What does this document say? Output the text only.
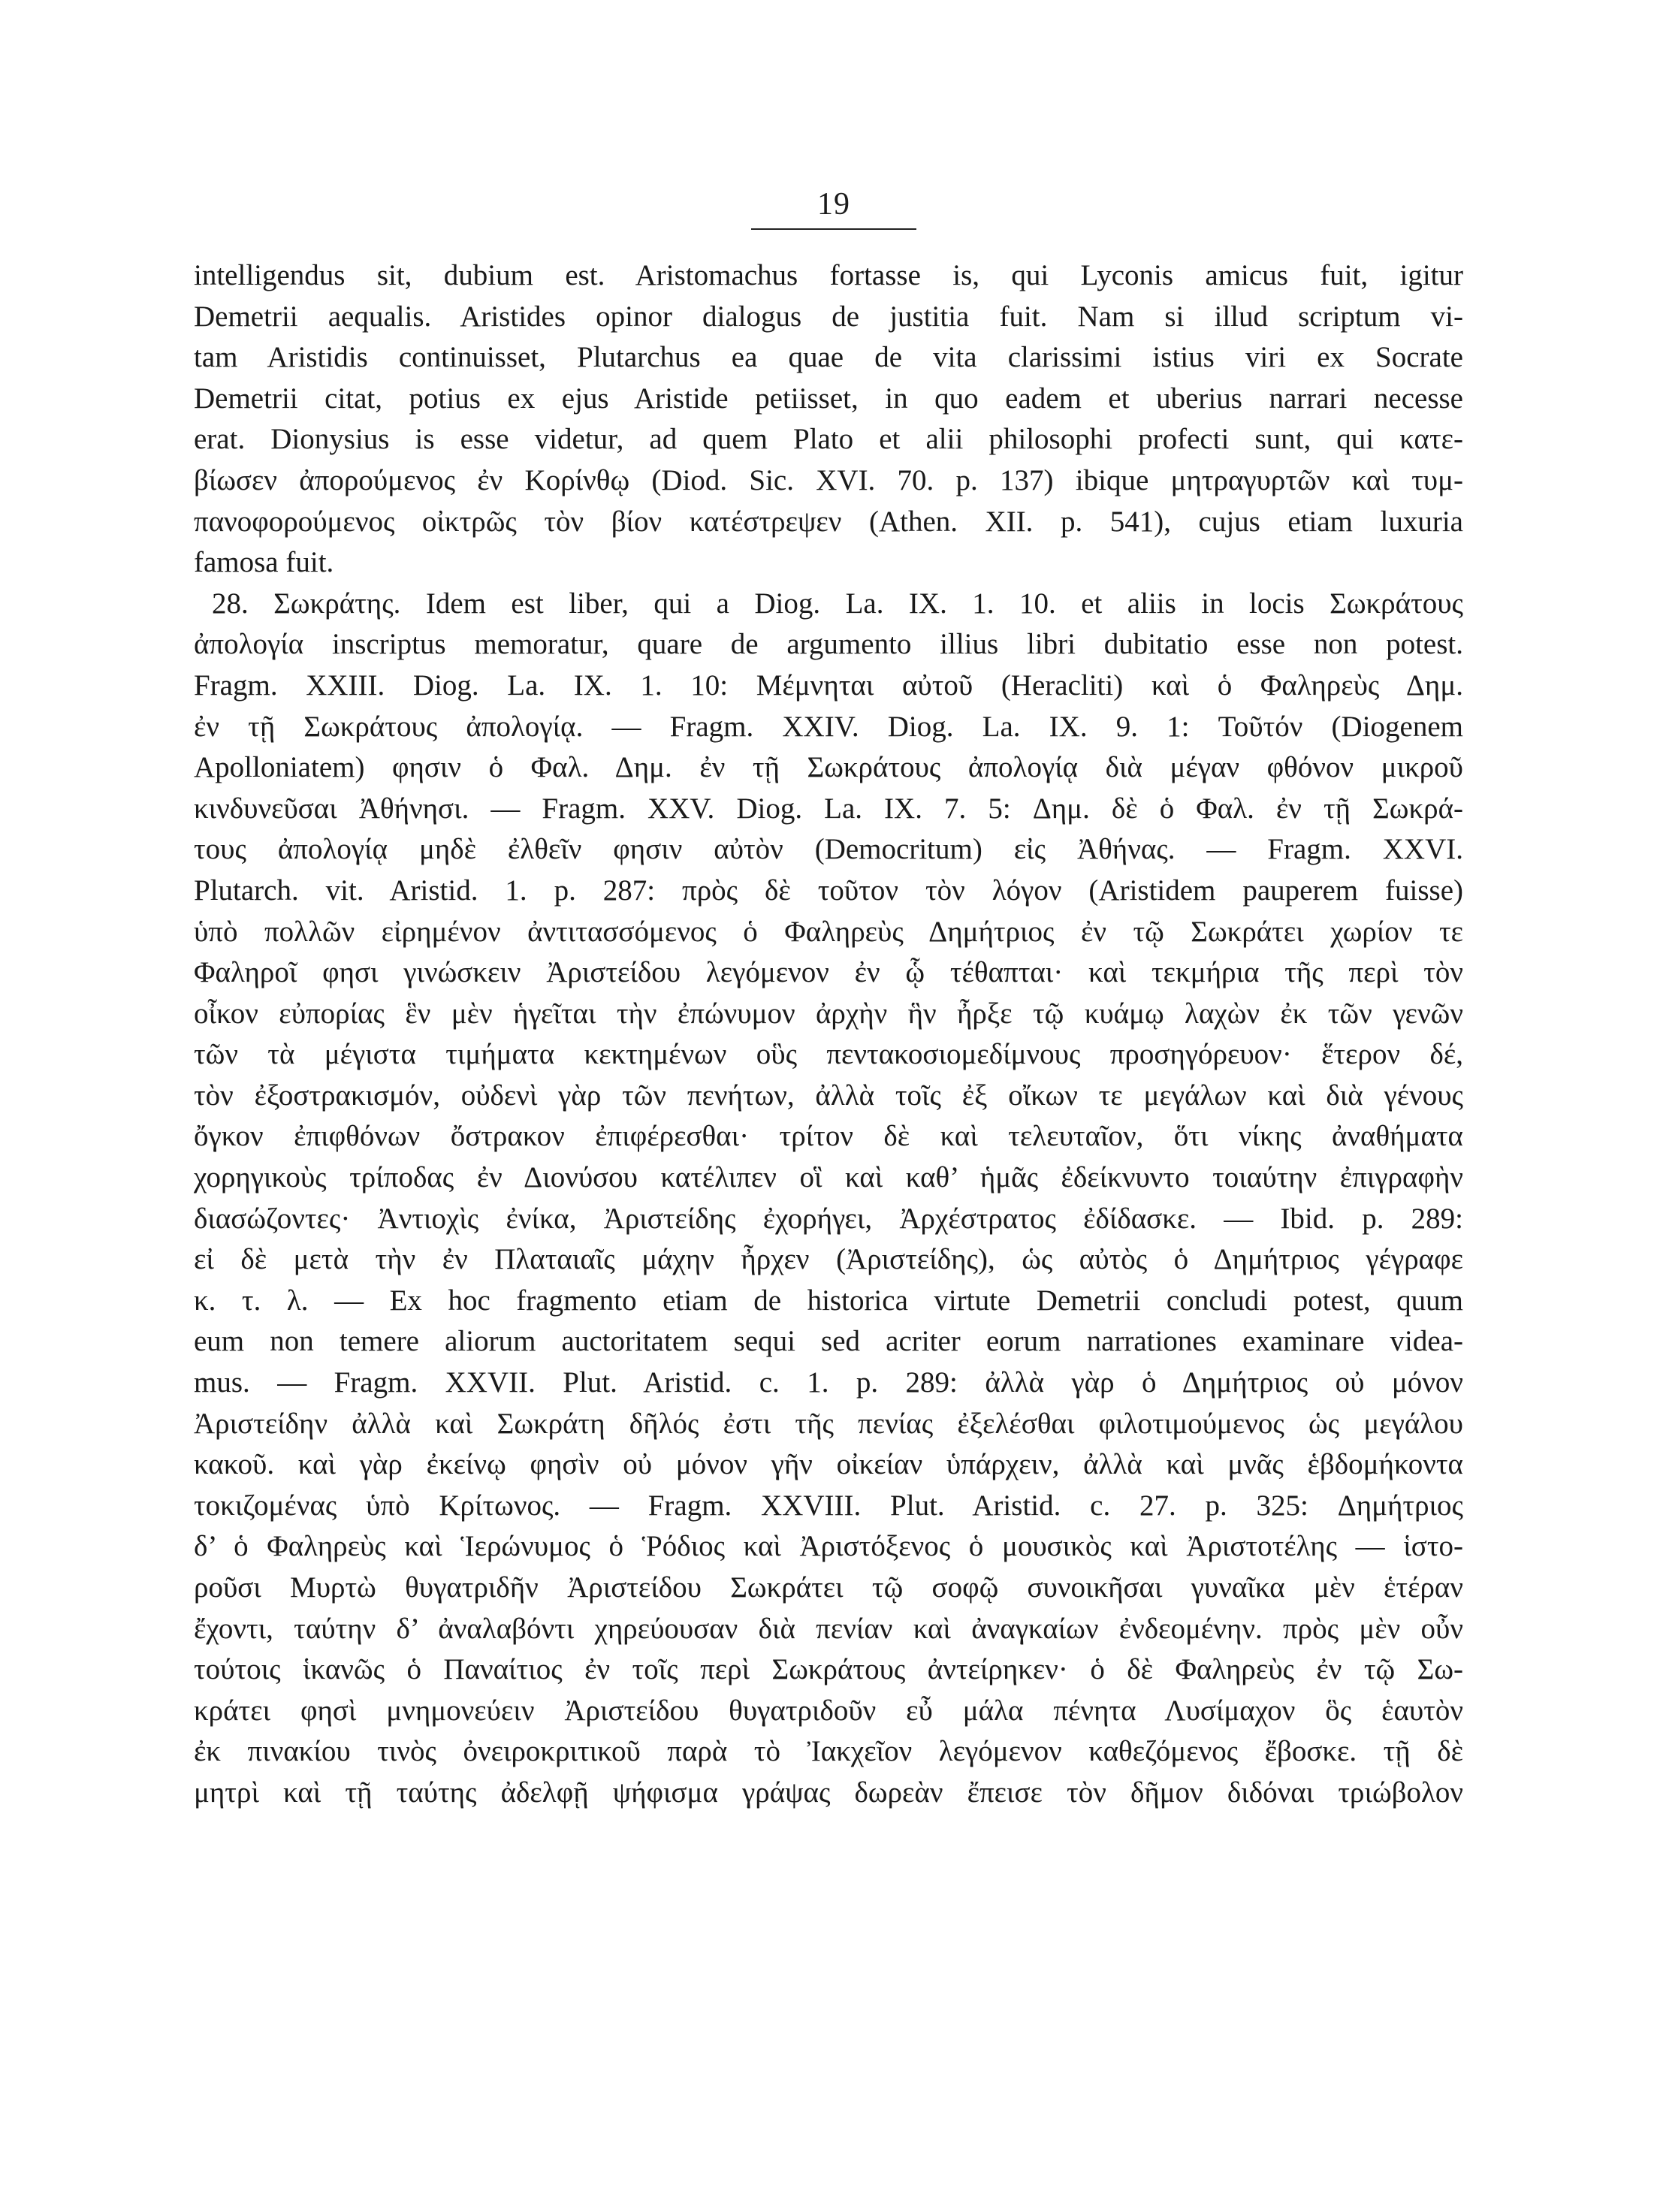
19
intelligendus sit, dubium est. Aristomachus fortasse is, qui Lyconis amicus fuit, igitur
Demetrii aequalis. Aristides opinor dialogus de justitia fuit. Nam si illud scriptum vi-
tam Aristidis continuisset, Plutarchus ea quae de vita clarissimi istius viri ex Socrate
Demetrii citat, potius ex ejus Aristide petiisset, in quo eadem et uberius narrari necesse
erat. Dionysius is esse videtur, ad quem Plato et alii philosophi profecti sunt, qui κατε-
βίωσεν ἀπορούμενος ἐν Κορίνθῳ (Diod. Sic. XVI. 70. p. 137) ibique μητραγυρτῶν καὶ τυμ-
πανοφορούμενος οἰκτρῶς τὸν βίον κατέστρεψεν (Athen. XII. p. 541), cujus etiam luxuria
famosa fuit.
28. Σωκράτης. Idem est liber, qui a Diog. La. IX. 1. 10. et aliis in locis Σωκράτους
ἀπολογία inscriptus memoratur, quare de argumento illius libri dubitatio esse non potest.
Fragm. XXIII. Diog. La. IX. 1. 10: Μέμνηται αὐτοῦ (Heracliti) καὶ ὁ Φαληρεὺς Δημ.
ἐν τῇ Σωκράτους ἀπολογίᾳ. — Fragm. XXIV. Diog. La. IX. 9. 1: Τοῦτόν (Diogenem
Apolloniatem) φησιν ὁ Φαλ. Δημ. ἐν τῇ Σωκράτους ἀπολογίᾳ διὰ μέγαν φθόνον μικροῦ
κινδυνεῦσαι Ἀθήνησι. — Fragm. XXV. Diog. La. IX. 7. 5: Δημ. δὲ ὁ Φαλ. ἐν τῇ Σωκρά-
τους ἀπολογίᾳ μηδὲ ἐλθεῖν φησιν αὐτὸν (Democritum) εἰς Ἀθήνας. — Fragm. XXVI.
Plutarch. vit. Aristid. 1. p. 287: πρὸς δὲ τοῦτον τὸν λόγον (Aristidem pauperem fuisse)
ὑπὸ πολλῶν εἰρημένον ἀντιτασσόμενος ὁ Φαληρεὺς Δημήτριος ἐν τῷ Σωκράτει χωρίον τε
Φαληροῖ φησι γινώσκειν Ἀριστείδου λεγόμενον ἐν ᾧ τέθαπται· καὶ τεκμήρια τῆς περὶ τὸν
οἶκον εὐπορίας ἓν μὲν ἡγεῖται τὴν ἐπώνυμον ἀρχὴν ἣν ἦρξε τῷ κυάμῳ λαχὼν ἐκ τῶν γενῶν
τῶν τὰ μέγιστα τιμήματα κεκτημένων οὓς πεντακοσιομεδίμνους προσηγόρευον· ἕτερον δέ,
τὸν ἐξοστρακισμόν, οὐδενὶ γὰρ τῶν πενήτων, ἀλλὰ τοῖς ἐξ οἴκων τε μεγάλων καὶ διὰ γένους
ὄγκον ἐπιφθόνων ὄστρακον ἐπιφέρεσθαι· τρίτον δὲ καὶ τελευταῖον, ὅτι νίκης ἀναθήματα
χορηγικοὺς τρίποδας ἐν Διονύσου κατέλιπεν οἳ καὶ καθ’ ἡμᾶς ἐδείκνυντο τοιαύτην ἐπιγραφὴν
διασώζοντες· Ἀντιοχὶς ἐνίκα, Ἀριστείδης ἐχορήγει, Ἀρχέστρατος ἐδίδασκε. — Ibid. p. 289:
εἰ δὲ μετὰ τὴν ἐν Πλαταιαῖς μάχην ἦρχεν (Ἀριστείδης), ὡς αὐτὸς ὁ Δημήτριος γέγραφε
κ. τ. λ. — Ex hoc fragmento etiam de historica virtute Demetrii concludi potest, quum
eum non temere aliorum auctoritatem sequi sed acriter eorum narrationes examinare videa-
mus. — Fragm. XXVII. Plut. Aristid. c. 1. p. 289: ἀλλὰ γὰρ ὁ Δημήτριος οὐ μόνον
Ἀριστείδην ἀλλὰ καὶ Σωκράτη δῆλός ἐστι τῆς πενίας ἐξελέσθαι φιλοτιμούμενος ὡς μεγάλου
κακοῦ. καὶ γὰρ ἐκείνῳ φησὶν οὐ μόνον γῆν οἰκείαν ὑπάρχειν, ἀλλὰ καὶ μνᾶς ἑβδομήκοντα
τοκιζομένας ὑπὸ Κρίτωνος. — Fragm. XXVIII. Plut. Aristid. c. 27. p. 325: Δημήτριος
δ’ ὁ Φαληρεὺς καὶ Ἱερώνυμος ὁ Ῥόδιος καὶ Ἀριστόξενος ὁ μουσικὸς καὶ Ἀριστοτέλης — ἱστο-
ροῦσι Μυρτὼ θυγατριδῆν Ἀριστείδου Σωκράτει τῷ σοφῷ συνοικῆσαι γυναῖκα μὲν ἑτέραν
ἔχοντι, ταύτην δ’ ἀναλαβόντι χηρεύουσαν διὰ πενίαν καὶ ἀναγκαίων ἐνδεομένην. πρὸς μὲν οὖν
τούτοις ἱκανῶς ὁ Παναίτιος ἐν τοῖς περὶ Σωκράτους ἀντείρηκεν· ὁ δὲ Φαληρεὺς ἐν τῷ Σω-
κράτει φησὶ μνημονεύειν Ἀριστείδου θυγατριδοῦν εὖ μάλα πένητα Λυσίμαχον ὃς ἑαυτὸν
ἐκ πινακίου τινὸς ὀνειροκριτικοῦ παρὰ τὸ Ἰακχεῖον λεγόμενον καθεζόμενος ἔβοσκε. τῇ δὲ
μητρὶ καὶ τῇ ταύτης ἀδελφῇ ψήφισμα γράψας δωρεὰν ἔπεισε τὸν δῆμον διδόναι τριώβολον
